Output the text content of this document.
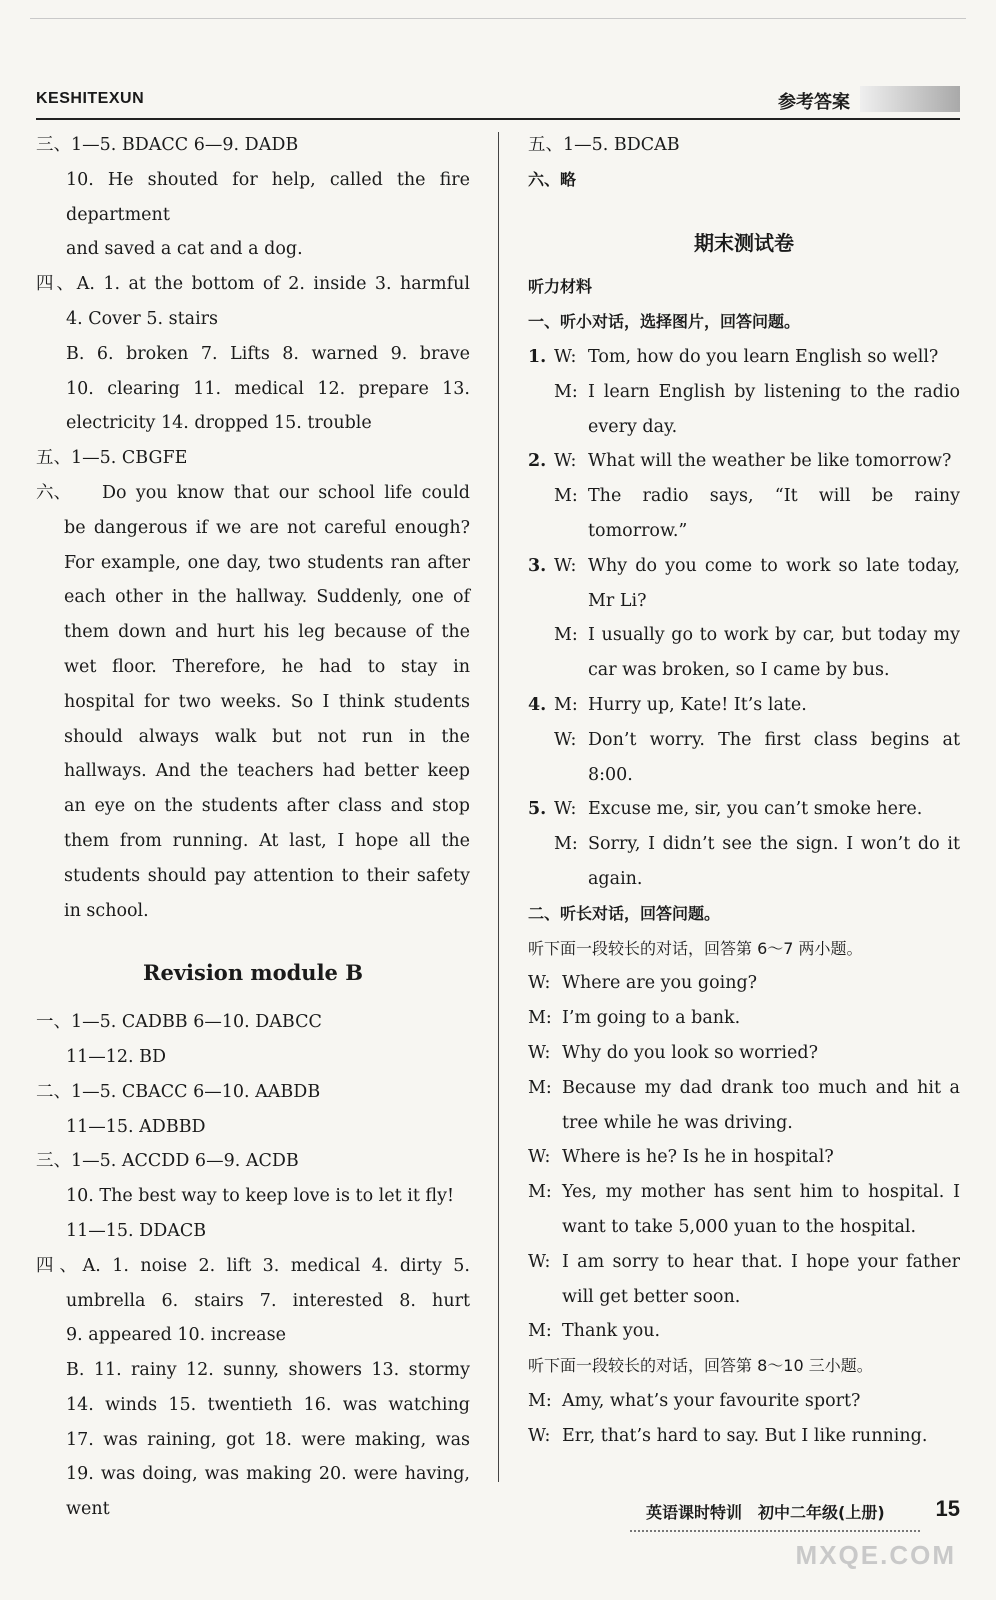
KESHITEXUN	参考答案
三、1—5. BDACC 6—9. DADB
10. He shouted for help, called the fire department
and saved a cat and a dog.
四、A. 1. at the bottom of 2. inside 3. harmful
4. Cover 5. stairs
B. 6. broken 7. Lifts 8. warned 9. brave
10. clearing 11. medical 12. prepare 13.
electricity 14. dropped 15. trouble
五、1—5. CBGFE
六、	Do you know that our school life could be dangerous if we are not careful enough? For example, one day, two students ran after each other in the hallway. Suddenly, one of them down and hurt his leg because of the wet floor. Therefore, he had to stay in hospital for two weeks. So I think students should always walk but not run in the hallways. And the teachers had better keep an eye on the students after class and stop them from running. At last, I hope all the students should pay attention to their safety in school.
Revision module B
一、1—5. CADBB 6—10. DABCC
11—12. BD
二、1—5. CBACC 6—10. AABDB
11—15. ADBBD
三、1—5. ACCDD 6—9. ACDB
10. The best way to keep love is to let it fly!
11—15. DDACB
四、A. 1. noise 2. lift 3. medical 4. dirty 5.
umbrella 6. stairs 7. interested 8. hurt
9. appeared 10. increase
B. 11. rainy 12. sunny, showers 13. stormy
14. winds 15. twentieth 16. was watching
17. was raining, got 18. were making, was
19. was doing, was making 20. were having,
went
五、1—5. BDCAB
六、略
期末测试卷
听力材料
一、听小对话，选择图片，回答问题。
1. W: Tom, how do you learn English so well?
M: I learn English by listening to the radio every day.
2. W: What will the weather be like tomorrow?
M: The radio says, “It will be rainy tomorrow.”
3. W: Why do you come to work so late today, Mr Li?
M: I usually go to work by car, but today my car was broken, so I came by bus.
4. M: Hurry up, Kate! It’s late.
W: Don’t worry. The first class begins at 8:00.
5. W: Excuse me, sir, you can’t smoke here.
M: Sorry, I didn’t see the sign. I won’t do it again.
二、听长对话，回答问题。
听下面一段较长的对话，回答第 6～7 两小题。
W: Where are you going?
M: I’m going to a bank.
W: Why do you look so worried?
M: Because my dad drank too much and hit a tree while he was driving.
W: Where is he? Is he in hospital?
M: Yes, my mother has sent him to hospital. I want to take 5,000 yuan to the hospital.
W: I am sorry to hear that. I hope your father will get better soon.
M: Thank you.
听下面一段较长的对话，回答第 8～10 三小题。
M: Amy, what’s your favourite sport?
W: Err, that’s hard to say. But I like running.
英语课时特训　初中二年级(上册) 15
MXQE.COM
